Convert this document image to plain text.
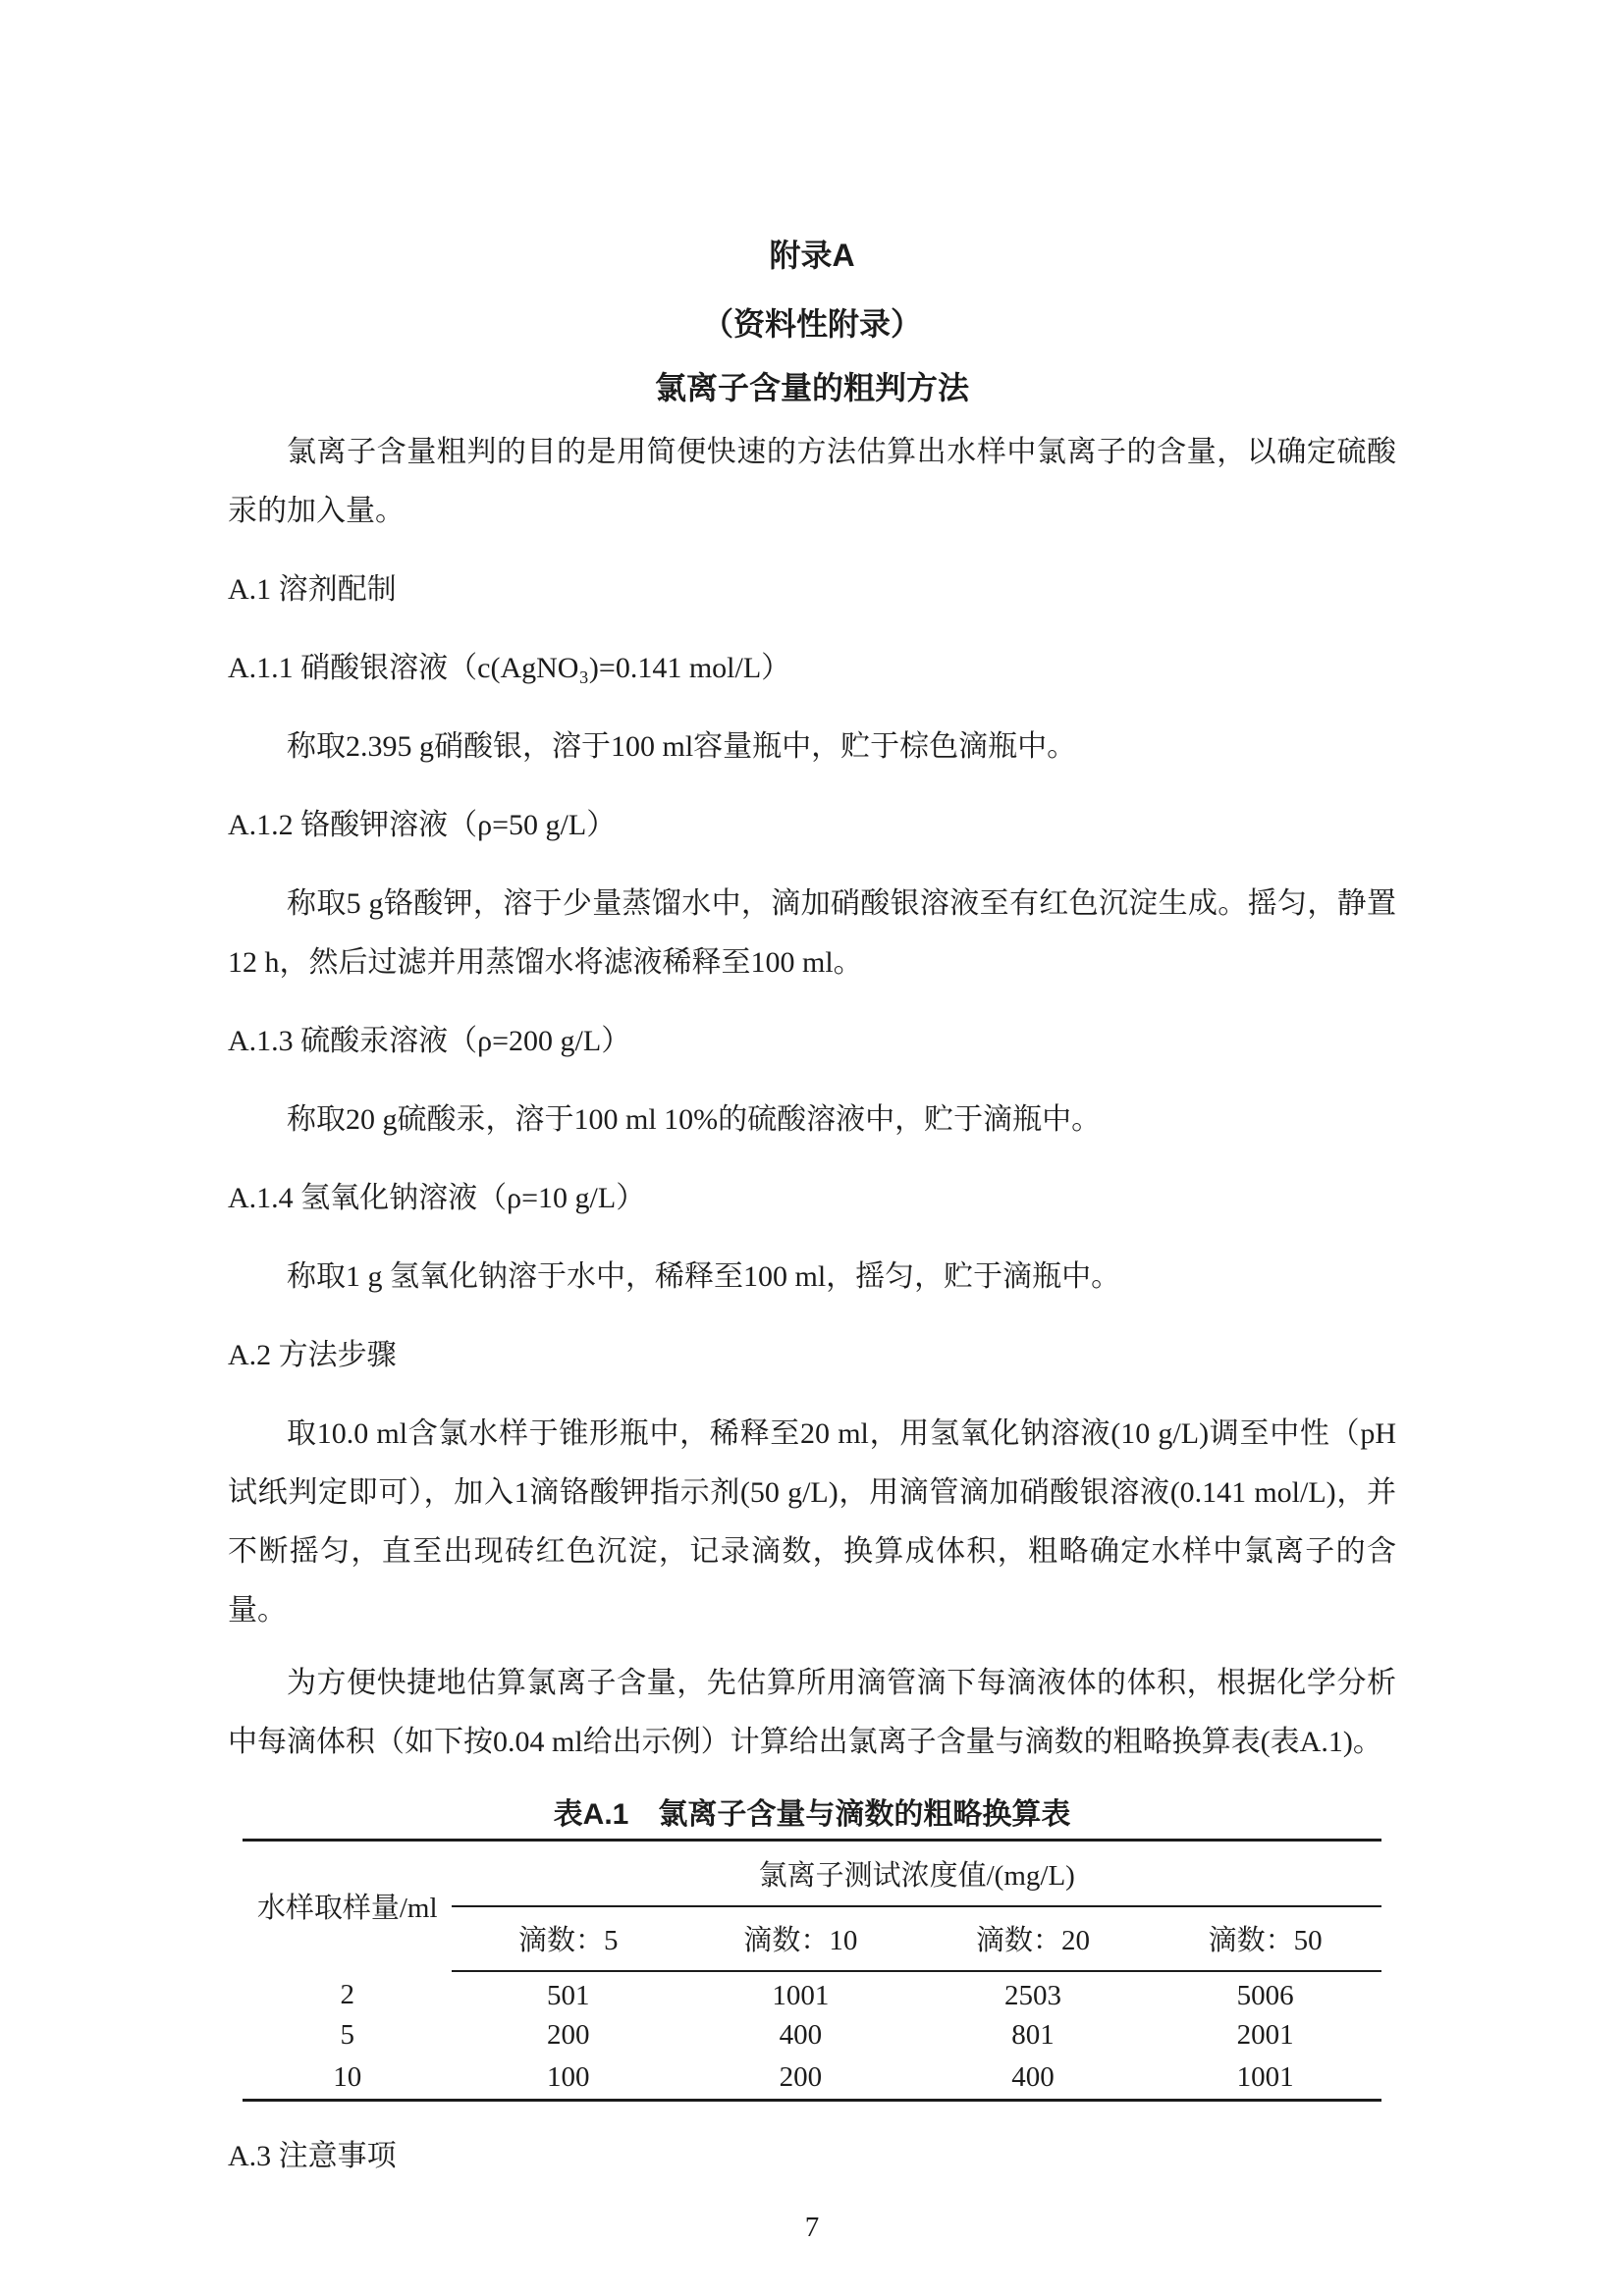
附录A
（资料性附录）
氯离子含量的粗判方法

氯离子含量粗判的目的是用简便快速的方法估算出水样中氯离子的含量，以确定硫酸汞的加入量。

A.1 溶剂配制
A.1.1 硝酸银溶液（c(AgNO₃)=0.141 mol/L）

称取2.395 g硝酸银，溶于100 ml容量瓶中，贮于棕色滴瓶中。

A.1.2 铬酸钾溶液（ρ=50 g/L）

称取5 g铬酸钾，溶于少量蒸馏水中，滴加硝酸银溶液至有红色沉淀生成。摇匀，静置12 h，然后过滤并用蒸馏水将滤液稀释至100 ml。

A.1.3 硫酸汞溶液（ρ=200 g/L）

称取20 g硫酸汞，溶于100 ml 10%的硫酸溶液中，贮于滴瓶中。

A.1.4 氢氧化钠溶液（ρ=10 g/L）

称取1 g 氢氧化钠溶于水中，稀释至100 ml，摇匀，贮于滴瓶中。

A.2 方法步骤

取10.0 ml含氯水样于锥形瓶中，稀释至20 ml，用氢氧化钠溶液(10 g/L)调至中性（pH试纸判定即可），加入1滴铬酸钾指示剂(50 g/L)，用滴管滴加硝酸银溶液(0.141 mol/L)，并不断摇匀，直至出现砖红色沉淀，记录滴数，换算成体积，粗略确定水样中氯离子的含量。

为方便快捷地估算氯离子含量，先估算所用滴管滴下每滴液体的体积，根据化学分析中每滴体积（如下按0.04 ml给出示例）计算给出氯离子含量与滴数的粗略换算表(表A.1)。

表A.1　氯离子含量与滴数的粗略换算表
水样取样量/ml	氯离子测试浓度值/(mg/L)			
	滴数：5	滴数：10	滴数：20	滴数：50
2	501	1001	2503	5006
5	200	400	801	2001
10	100	200	400	1001
A.3 注意事项
7
